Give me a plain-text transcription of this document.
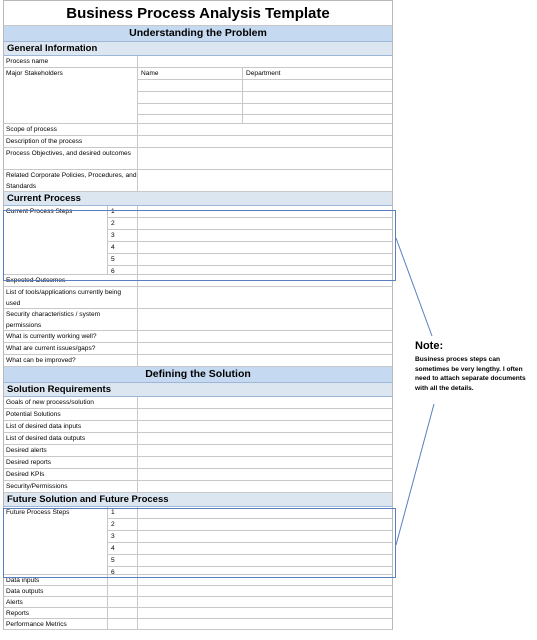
Business Process Analysis Template
Understanding the Problem
General Information
Process name
Major Stakeholders	Name	Department
Scope of process
Description of the process
Process Objectives, and desired outcomes
Related Corporate Policies, Procedures, and Standards
Current Process
Current Process Steps	1
2
3
4
5
6
Expected Outcomes
List of tools/applications currently being used
Security characteristics / system permissions
What is currently working well?
What are current issues/gaps?
What can be improved?
Defining the Solution
Solution Requirements
Goals of new process/solution
Potential Solutions
List of desired data inputs
List of desired data outputs
Desired alerts
Desired reports
Desired KPIs
Security/Permissions
Future Solution and Future Process
Future Process Steps	1
2
3
4
5
6
Data inputs
Data outputs
Alerts
Reports
Performance Metrics
Note:
Business proces steps can sometimes be very lengthy. I often need to attach separate documents with all the details.
